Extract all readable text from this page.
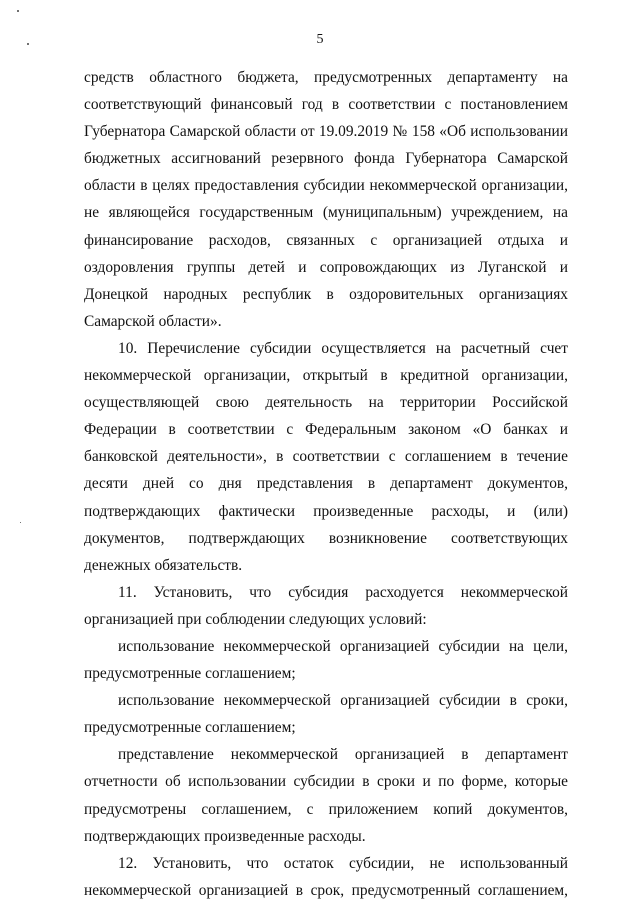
5

средств областного бюджета, предусмотренных департаменту на соответствующий финансовый год в соответствии с постановлением Губернатора Самарской области от 19.09.2019 № 158 «Об использовании бюджетных ассигнований резервного фонда Губернатора Самарской области в целях предоставления субсидии некоммерческой организации, не являющейся государственным (муниципальным) учреждением, на финансирование расходов, связанных с организацией отдыха и оздоровления группы детей и сопровождающих из Луганской и Донецкой народных республик в оздоровительных организациях Самарской области».

10. Перечисление субсидии осуществляется на расчетный счет некоммерческой организации, открытый в кредитной организации, осуществляющей свою деятельность на территории Российской Федерации в соответствии с Федеральным законом «О банках и банковской деятельности», в соответствии с соглашением в течение десяти дней со дня представления в департамент документов, подтверждающих фактически произведенные расходы, и (или) документов, подтверждающих возникновение соответствующих денежных обязательств.

11. Установить, что субсидия расходуется некоммерческой организацией при соблюдении следующих условий:

использование некоммерческой организацией субсидии на цели, предусмотренные соглашением;

использование некоммерческой организацией субсидии в сроки, предусмотренные соглашением;

представление некоммерческой организацией в департамент отчетности об использовании субсидии в сроки и по форме, которые предусмотрены соглашением, с приложением копий документов, подтверждающих произведенные расходы.

12. Установить, что остаток субсидии, не использованный некоммерческой организацией в срок, предусмотренный соглашением,
